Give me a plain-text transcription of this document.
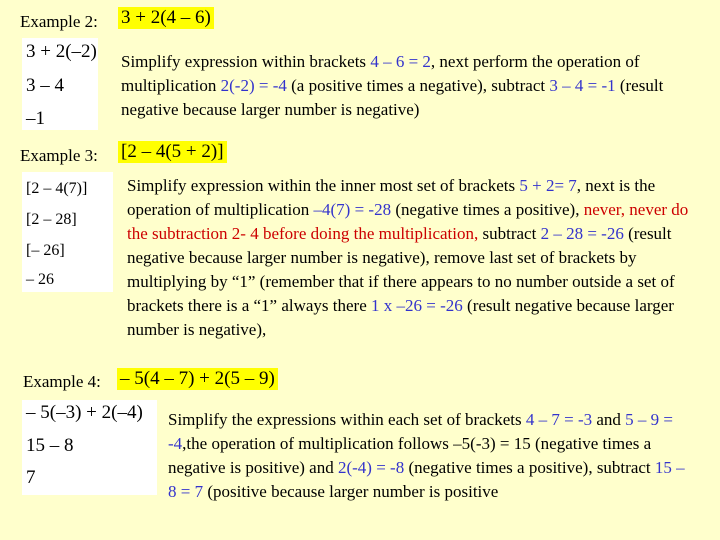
Example 2: 3 + 2(4 – 6)
3 + 2(–2)
3 – 4
–1
Simplify expression within brackets 4 – 6 = 2, next perform the operation of multiplication 2(-2) = -4 (a positive times a negative), subtract 3 – 4 = -1 (result negative because larger number is negative)
Example 3: [2 – 4(5 + 2)]
[2 – 4(7)]
[2 – 28]
[– 26]
– 26
Simplify expression within the inner most set of brackets 5 + 2= 7, next is the operation of multiplication –4(7) = -28 (negative times a positive), never, never do the subtraction 2- 4 before doing the multiplication, subtract 2 – 28 = -26 (result negative because larger number is negative), remove last set of brackets by multiplying by “1” (remember that if there appears to no number outside a set of brackets there is a “1” always there 1 x –26 = -26 (result negative because larger number is negative),
Example 4: – 5(4 – 7) + 2(5 – 9)
– 5(–3) + 2(–4)
15 – 8
7
Simplify the expressions within each set of brackets 4 – 7 = -3 and 5 – 9 = -4,the operation of multiplication follows –5(-3) = 15 (negative times a negative is positive) and 2(-4) = -8 (negative times a positive), subtract 15 – 8 = 7 (positive because larger number is positive
